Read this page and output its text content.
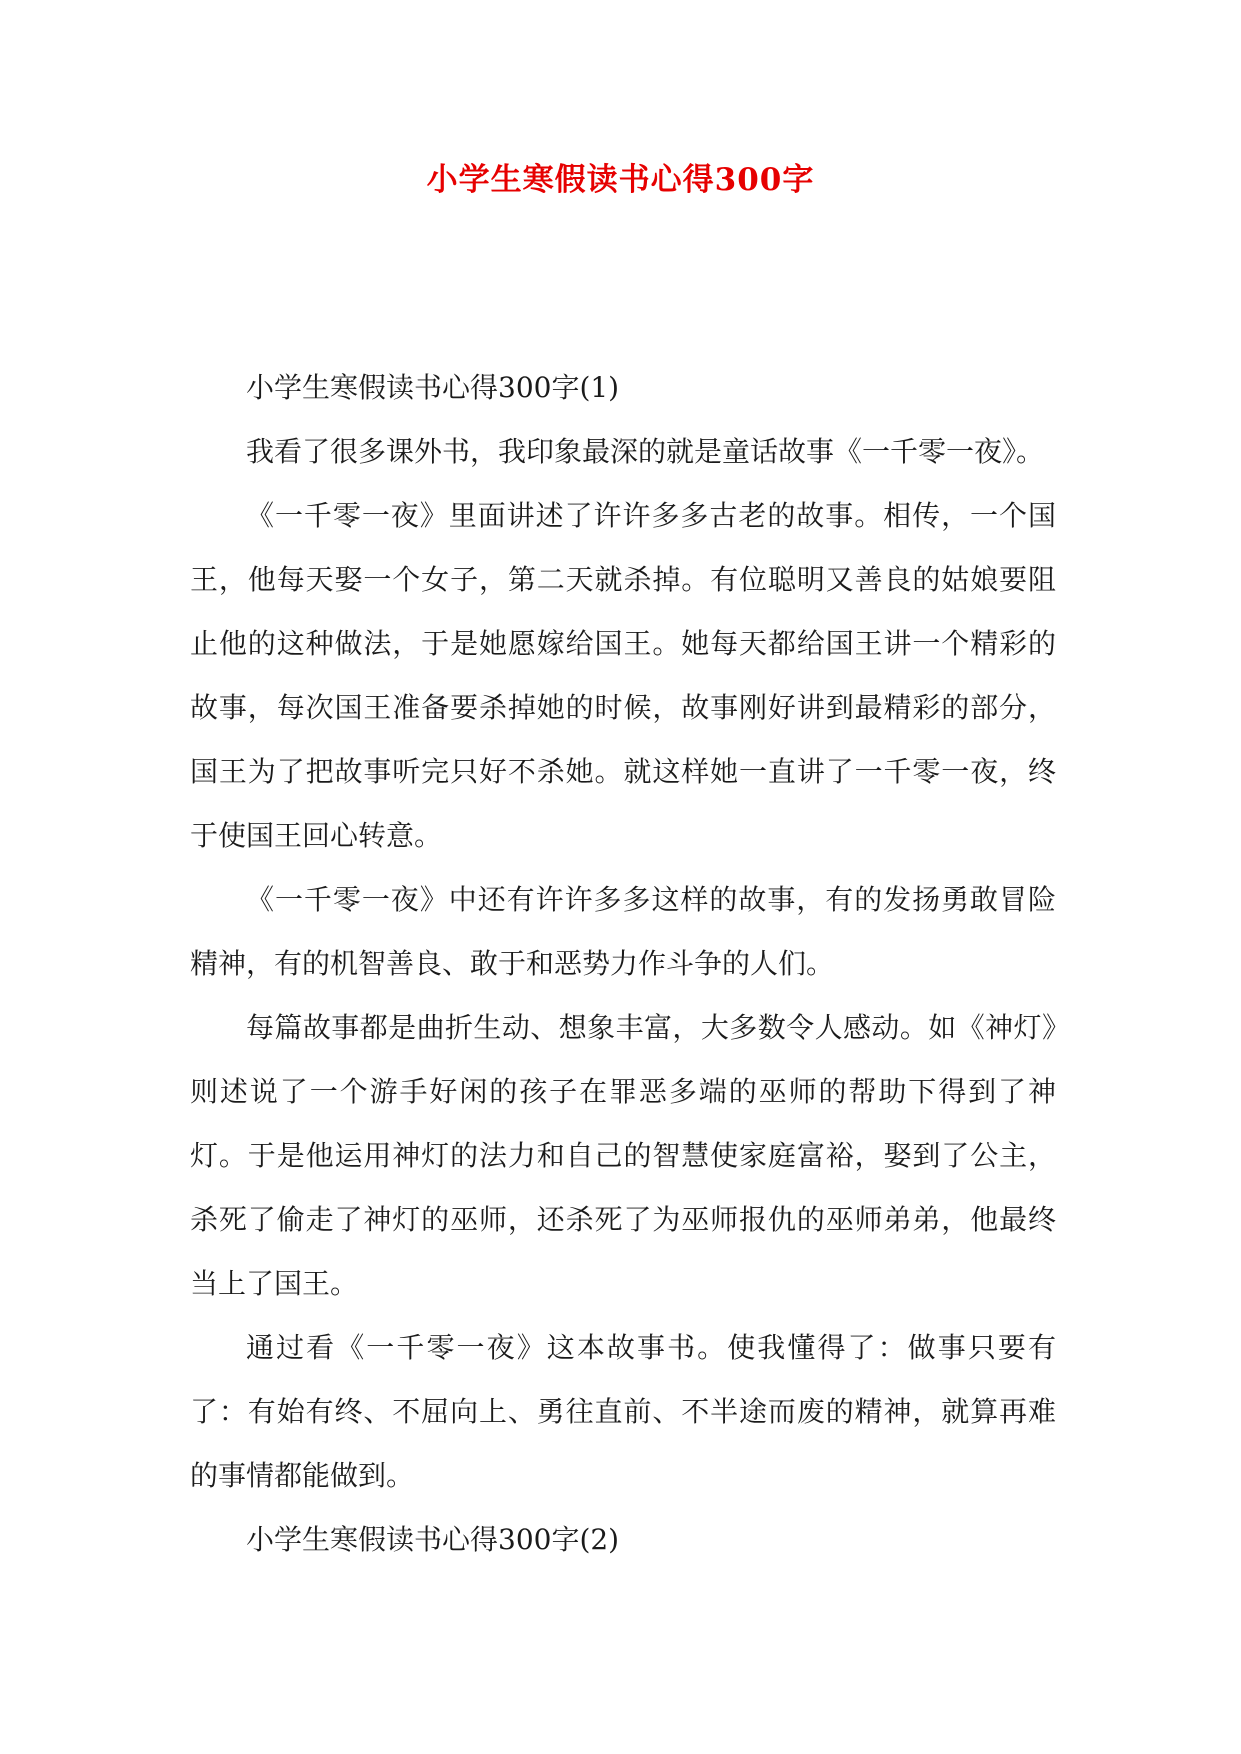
小学生寒假读书心得300字

小学生寒假读书心得300字(1)

我看了很多课外书，我印象最深的就是童话故事《一千零一夜》。

《一千零一夜》里面讲述了许许多多古老的故事。相传，一个国王，他每天娶一个女子，第二天就杀掉。有位聪明又善良的姑娘要阻止他的这种做法，于是她愿嫁给国王。她每天都给国王讲一个精彩的故事，每次国王准备要杀掉她的时候，故事刚好讲到最精彩的部分，国王为了把故事听完只好不杀她。就这样她一直讲了一千零一夜，终于使国王回心转意。

《一千零一夜》中还有许许多多这样的故事，有的发扬勇敢冒险精神，有的机智善良、敢于和恶势力作斗争的人们。

每篇故事都是曲折生动、想象丰富，大多数令人感动。如《神灯》则述说了一个游手好闲的孩子在罪恶多端的巫师的帮助下得到了神灯。于是他运用神灯的法力和自己的智慧使家庭富裕，娶到了公主，杀死了偷走了神灯的巫师，还杀死了为巫师报仇的巫师弟弟，他最终当上了国王。

通过看《一千零一夜》这本故事书。使我懂得了：做事只要有了：有始有终、不屈向上、勇往直前、不半途而废的精神，就算再难的事情都能做到。

小学生寒假读书心得300字(2)
